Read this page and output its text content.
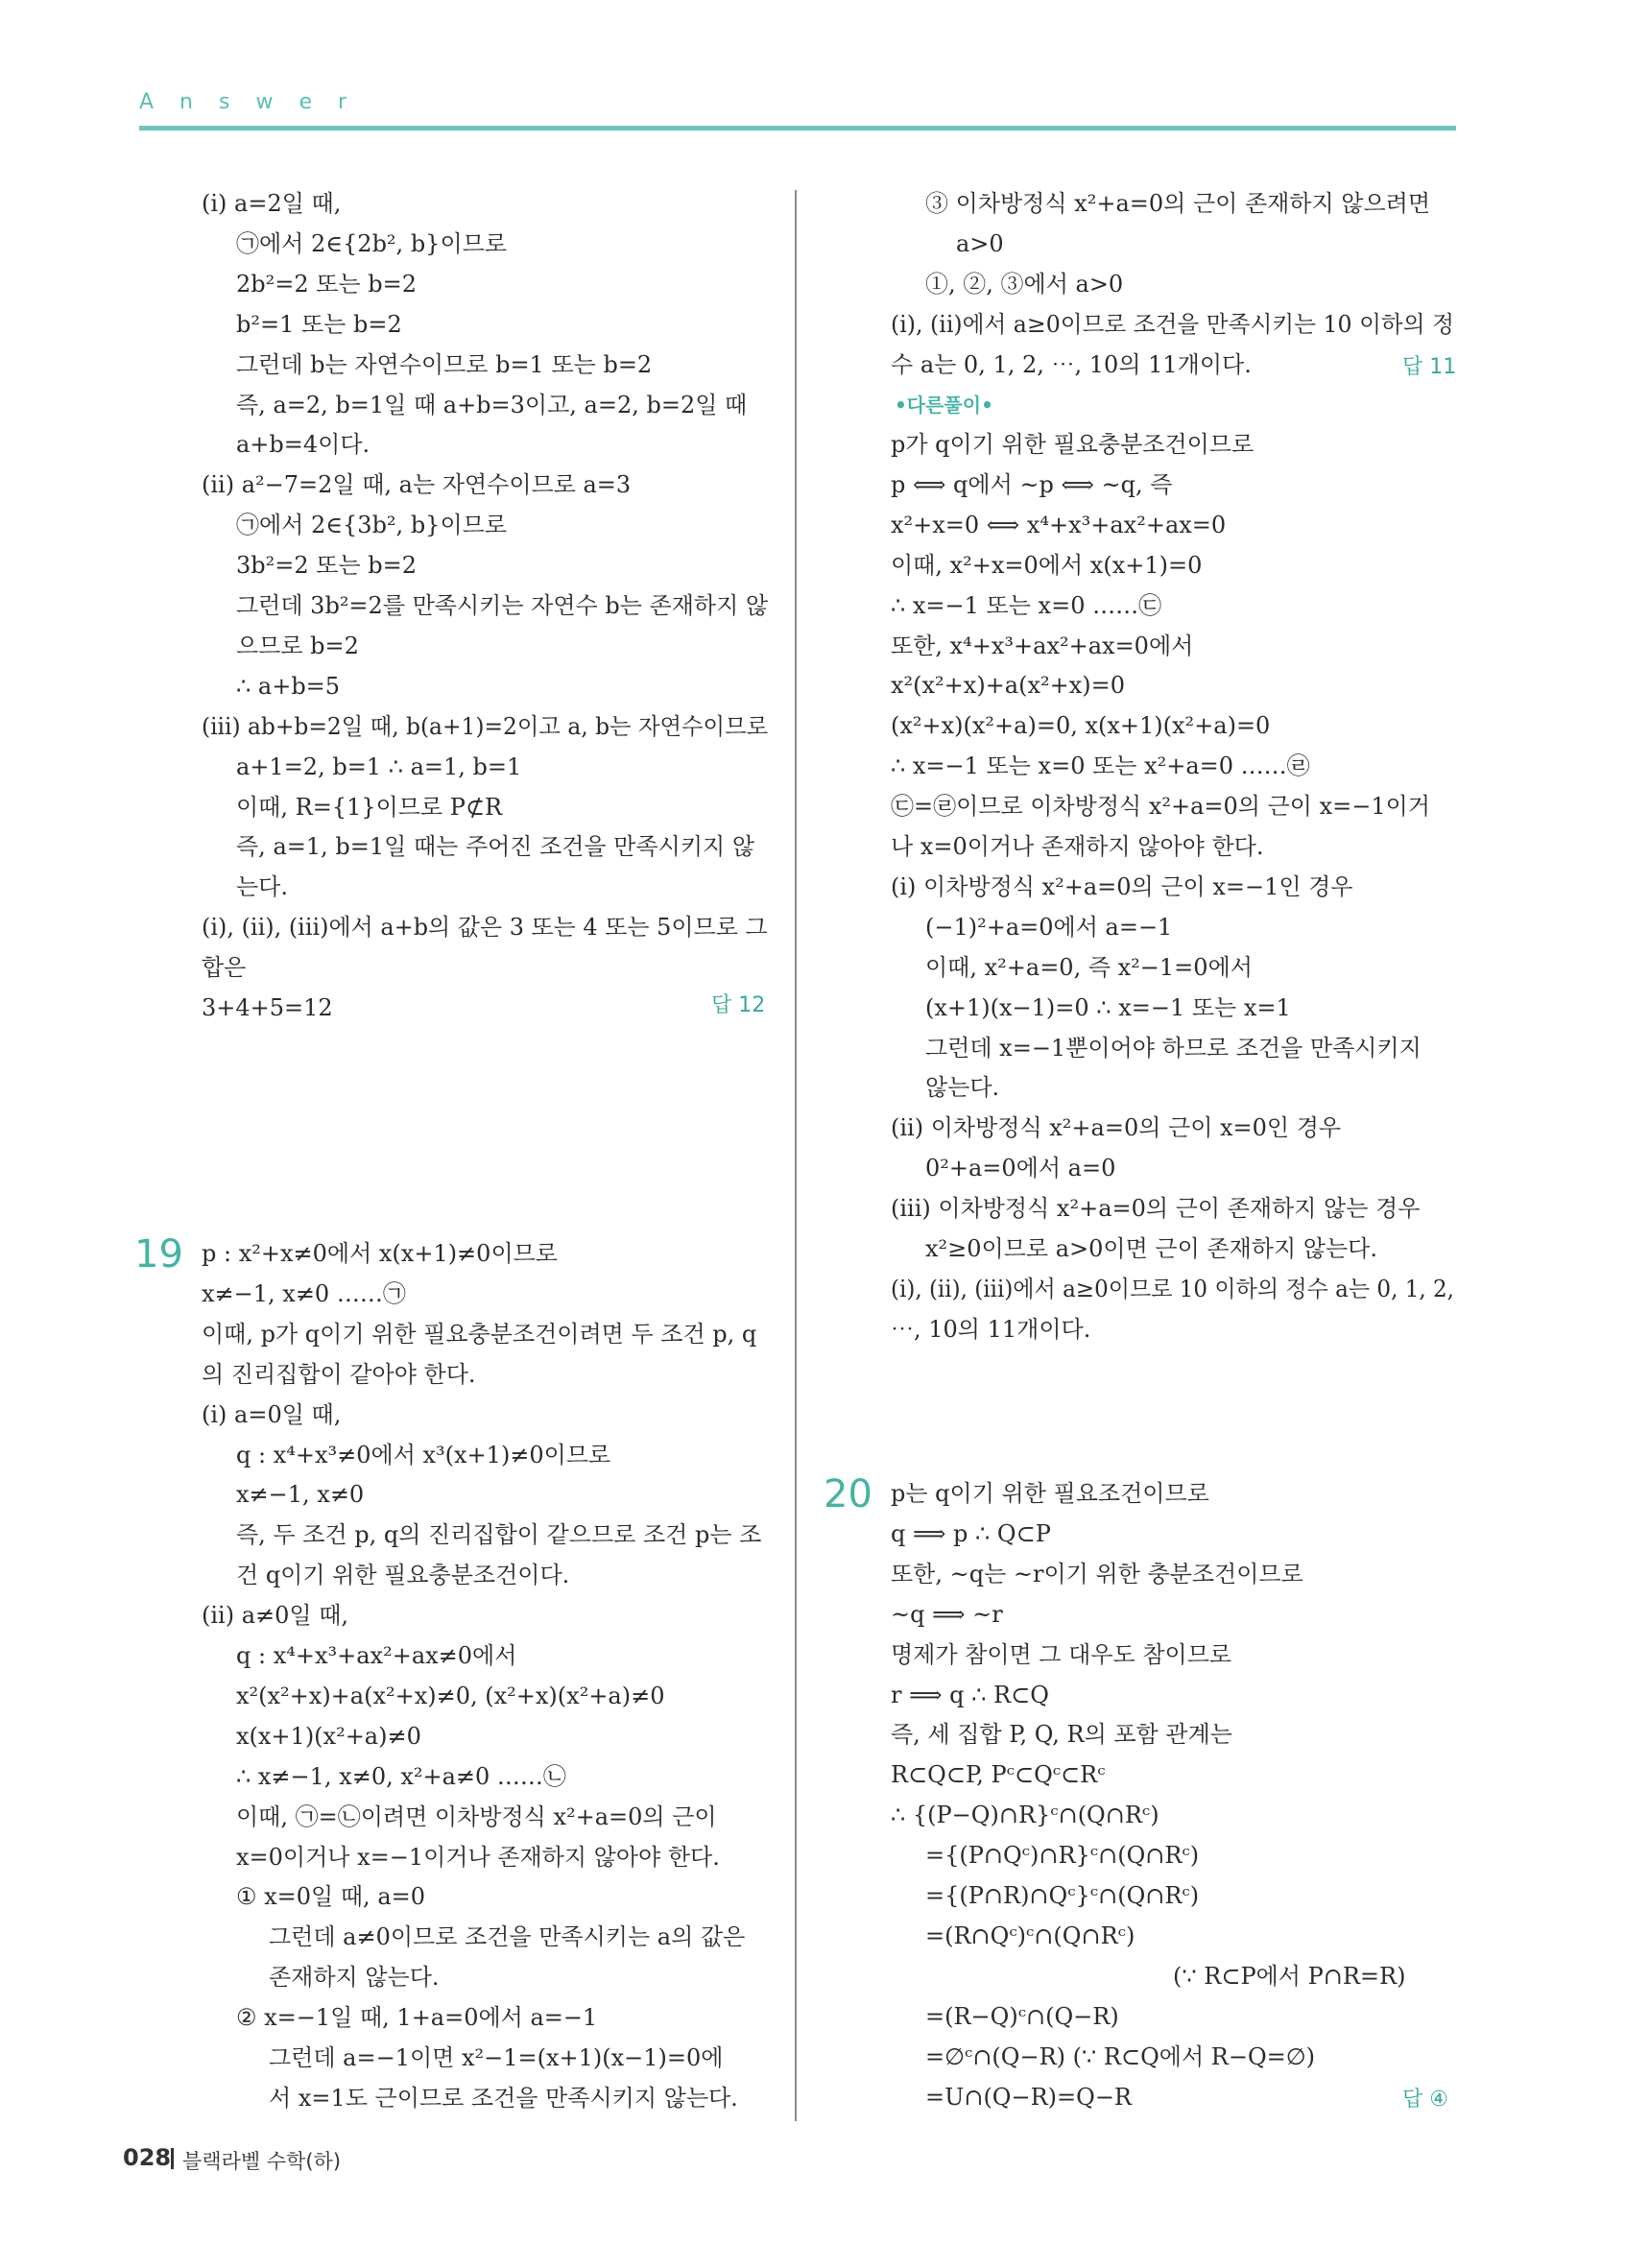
Answer
(i) a=2일 때,
㉠에서 2∈{2b², b}이므로
2b²=2 또는 b=2
b²=1 또는 b=2
그런데 b는 자연수이므로 b=1 또는 b=2
즉, a=2, b=1일 때 a+b=3이고, a=2, b=2일 때
a+b=4이다.
(ii) a²−7=2일 때, a는 자연수이므로 a=3
㉠에서 2∈{3b², b}이므로
3b²=2 또는 b=2
그런데 3b²=2를 만족시키는 자연수 b는 존재하지 않
으므로 b=2
∴ a+b=5
(iii) ab+b=2일 때, b(a+1)=2이고 a, b는 자연수이므로
a+1=2, b=1 ∴ a=1, b=1
이때, R={1}이므로 P⊄R
즉, a=1, b=1일 때는 주어진 조건을 만족시키지 않
는다.
(i), (ii), (iii)에서 a+b의 값은 3 또는 4 또는 5이므로 그
합은
3+4+5=12	답 12
19 p : x²+x≠0에서 x(x+1)≠0이므로
x≠−1, x≠0 ……㉠
이때, p가 q이기 위한 필요충분조건이려면 두 조건 p, q
의 진리집합이 같아야 한다.
(i) a=0일 때,
q : x⁴+x³≠0에서 x³(x+1)≠0이므로
x≠−1, x≠0
즉, 두 조건 p, q의 진리집합이 같으므로 조건 p는 조
건 q이기 위한 필요충분조건이다.
(ii) a≠0일 때,
q : x⁴+x³+ax²+ax≠0에서
x²(x²+x)+a(x²+x)≠0, (x²+x)(x²+a)≠0
x(x+1)(x²+a)≠0
∴ x≠−1, x≠0, x²+a≠0 ……㉡
이때, ㉠=㉡이려면 이차방정식 x²+a=0의 근이
x=0이거나 x=−1이거나 존재하지 않아야 한다.
① x=0일 때, a=0
그런데 a≠0이므로 조건을 만족시키는 a의 값은
존재하지 않는다.
② x=−1일 때, 1+a=0에서 a=−1
그런데 a=−1이면 x²−1=(x+1)(x−1)=0에
서 x=1도 근이므로 조건을 만족시키지 않는다.
③ 이차방정식 x²+a=0의 근이 존재하지 않으려면
a>0
①, ②, ③에서 a>0
(i), (ii)에서 a≥0이므로 조건을 만족시키는 10 이하의 정
수 a는 0, 1, 2, ⋯, 10의 11개이다.	답 11
•다른풀이•
p가 q이기 위한 필요충분조건이므로
p ⟺ q에서 ~p ⟺ ~q, 즉
x²+x=0 ⟺ x⁴+x³+ax²+ax=0
이때, x²+x=0에서 x(x+1)=0
∴ x=−1 또는 x=0 ……㉢
또한, x⁴+x³+ax²+ax=0에서
x²(x²+x)+a(x²+x)=0
(x²+x)(x²+a)=0, x(x+1)(x²+a)=0
∴ x=−1 또는 x=0 또는 x²+a=0 ……㉣
㉢=㉣이므로 이차방정식 x²+a=0의 근이 x=−1이거
나 x=0이거나 존재하지 않아야 한다.
(i) 이차방정식 x²+a=0의 근이 x=−1인 경우
(−1)²+a=0에서 a=−1
이때, x²+a=0, 즉 x²−1=0에서
(x+1)(x−1)=0 ∴ x=−1 또는 x=1
그런데 x=−1뿐이어야 하므로 조건을 만족시키지
않는다.
(ii) 이차방정식 x²+a=0의 근이 x=0인 경우
0²+a=0에서 a=0
(iii) 이차방정식 x²+a=0의 근이 존재하지 않는 경우
x²≥0이므로 a>0이면 근이 존재하지 않는다.
(i), (ii), (iii)에서 a≥0이므로 10 이하의 정수 a는 0, 1, 2,
⋯, 10의 11개이다.
20 p는 q이기 위한 필요조건이므로
q ⟹ p ∴ Q⊂P
또한, ~q는 ~r이기 위한 충분조건이므로
~q ⟹ ~r
명제가 참이면 그 대우도 참이므로
r ⟹ q ∴ R⊂Q
즉, 세 집합 P, Q, R의 포함 관계는
R⊂Q⊂P, Pᶜ⊂Qᶜ⊂Rᶜ
∴ {(P−Q)∩R}ᶜ∩(Q∩Rᶜ)
={(P∩Qᶜ)∩R}ᶜ∩(Q∩Rᶜ)
={(P∩R)∩Qᶜ}ᶜ∩(Q∩Rᶜ)
=(R∩Qᶜ)ᶜ∩(Q∩Rᶜ)
(∵ R⊂P에서 P∩R=R)
=(R−Q)ᶜ∩(Q−R)
=∅ᶜ∩(Q−R) (∵ R⊂Q에서 R−Q=∅)
=U∩(Q−R)=Q−R	답 ④
028 블랙라벨 수학(하)
